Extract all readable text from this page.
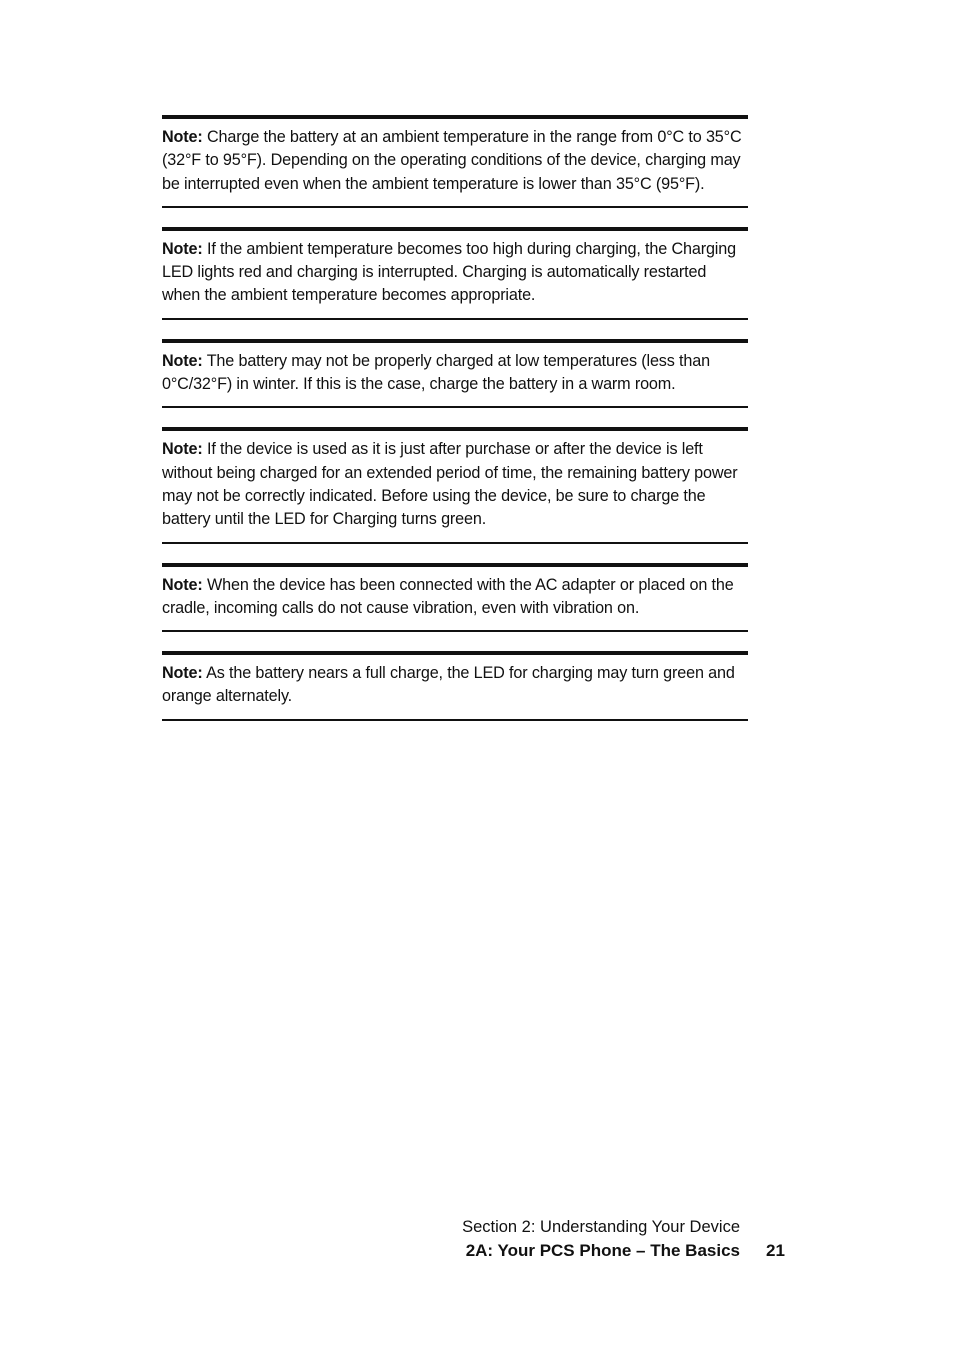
Note: Charge the battery at an ambient temperature in the range from 0°C to 35°C (32°F to 95°F). Depending on the operating conditions of the device, charging may be interrupted even when the ambient temperature is lower than 35°C (95°F).
Note: If the ambient temperature becomes too high during charging, the Charging LED lights red and charging is interrupted. Charging is automatically restarted when the ambient temperature becomes appropriate.
Note: The battery may not be properly charged at low temperatures (less than 0°C/32°F) in winter. If this is the case, charge the battery in a warm room.
Note: If the device is used as it is just after purchase or after the device is left without being charged for an extended period of time, the remaining battery power may not be correctly indicated. Before using the device, be sure to charge the battery until the LED for Charging turns green.
Note: When the device has been connected with the AC adapter or placed on the cradle, incoming calls do not cause vibration, even with vibration on.
Note: As the battery nears a full charge, the LED for charging may turn green and orange alternately.
Section 2: Understanding Your Device
2A: Your PCS Phone – The Basics 21
